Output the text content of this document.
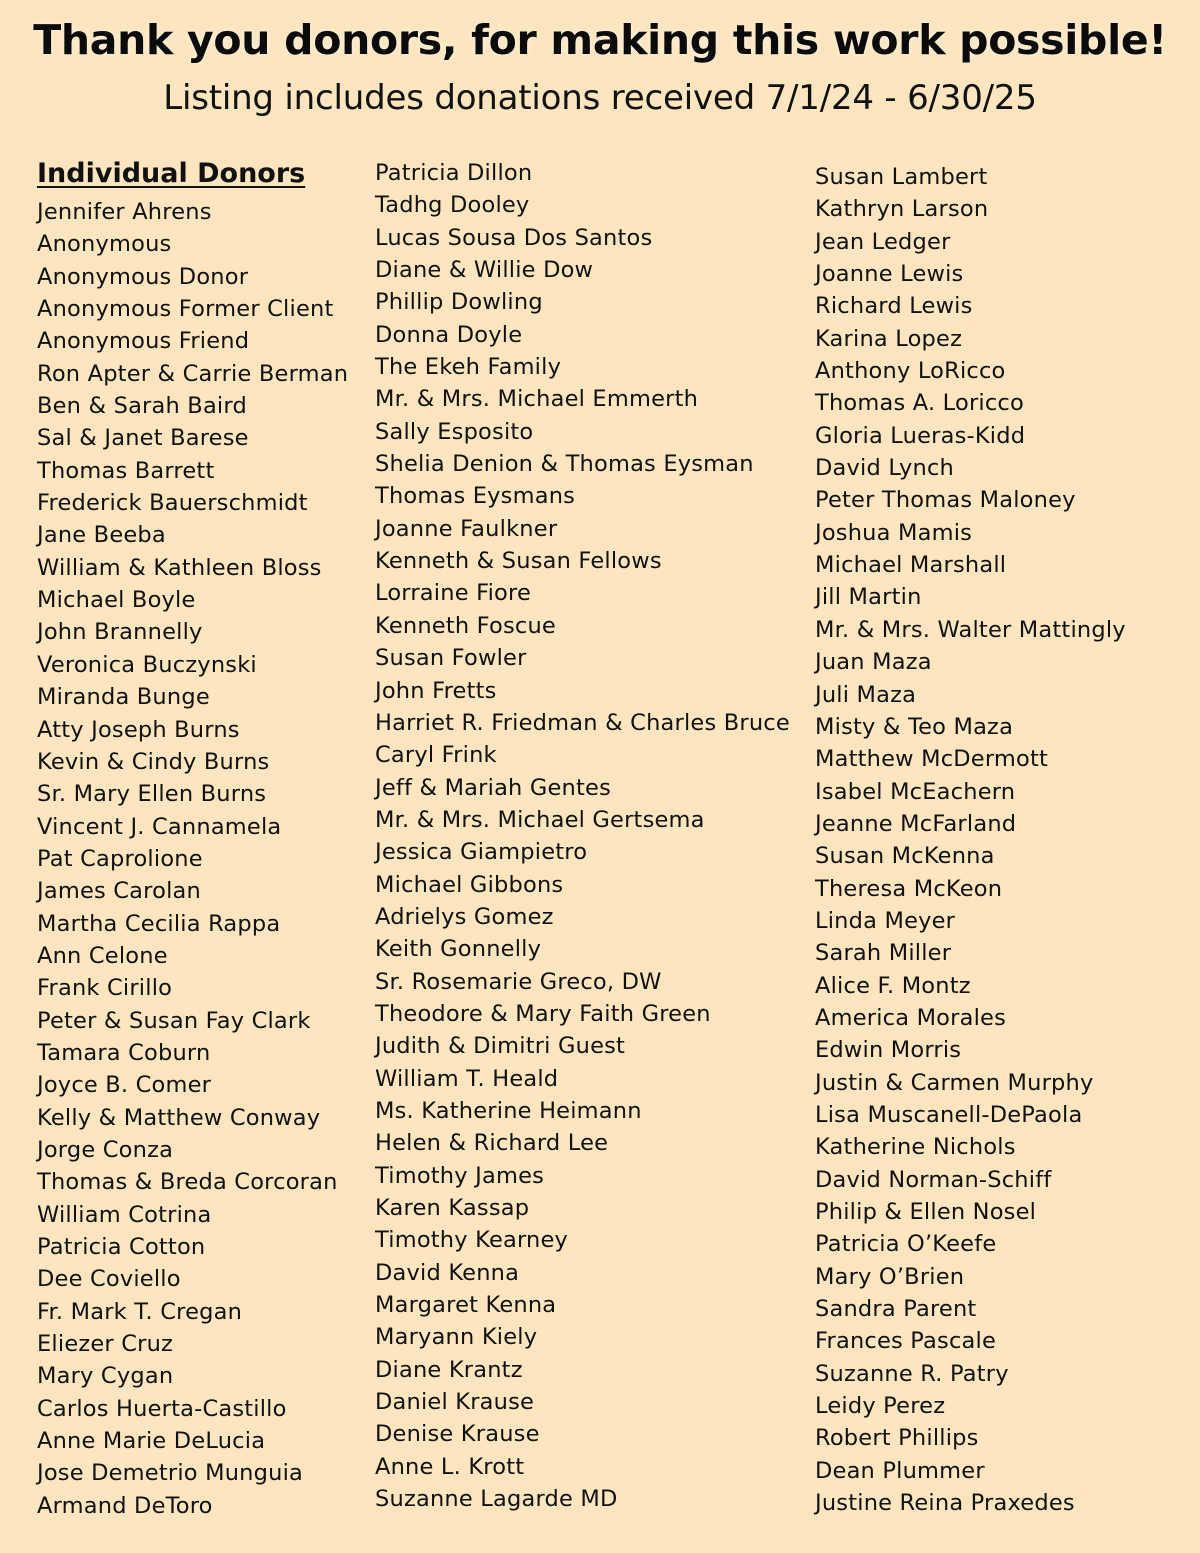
Thank you donors, for making this work possible!
Listing includes donations received 7/1/24 - 6/30/25
Individual Donors
Jennifer Ahrens
Anonymous
Anonymous Donor
Anonymous Former Client
Anonymous Friend
Ron Apter & Carrie Berman
Ben & Sarah Baird
Sal & Janet Barese
Thomas Barrett
Frederick Bauerschmidt
Jane Beeba
William & Kathleen Bloss
Michael Boyle
John Brannelly
Veronica Buczynski
Miranda Bunge
Atty Joseph Burns
Kevin & Cindy Burns
Sr. Mary Ellen Burns
Vincent J. Cannamela
Pat Caprolione
James Carolan
Martha Cecilia Rappa
Ann Celone
Frank Cirillo
Peter & Susan Fay Clark
Tamara Coburn
Joyce B. Comer
Kelly & Matthew Conway
Jorge Conza
Thomas & Breda Corcoran
William Cotrina
Patricia Cotton
Dee Coviello
Fr. Mark T. Cregan
Eliezer Cruz
Mary Cygan
Carlos Huerta-Castillo
Anne Marie DeLucia
Jose Demetrio Munguia
Armand DeToro
Patricia Dillon
Tadhg Dooley
Lucas Sousa Dos Santos
Diane & Willie Dow
Phillip Dowling
Donna Doyle
The Ekeh Family
Mr. & Mrs. Michael Emmerth
Sally Esposito
Shelia Denion & Thomas Eysman
Thomas Eysmans
Joanne Faulkner
Kenneth & Susan Fellows
Lorraine Fiore
Kenneth Foscue
Susan Fowler
John Fretts
Harriet R. Friedman & Charles Bruce
Caryl Frink
Jeff & Mariah Gentes
Mr. & Mrs. Michael Gertsema
Jessica Giampietro
Michael Gibbons
Adrielys Gomez
Keith Gonnelly
Sr. Rosemarie Greco, DW
Theodore & Mary Faith Green
Judith & Dimitri Guest
William T. Heald
Ms. Katherine Heimann
Helen & Richard Lee
Timothy James
Karen Kassap
Timothy Kearney
David Kenna
Margaret Kenna
Maryann Kiely
Diane Krantz
Daniel Krause
Denise Krause
Anne L. Krott
Suzanne Lagarde MD
Susan Lambert
Kathryn Larson
Jean Ledger
Joanne Lewis
Richard Lewis
Karina Lopez
Anthony LoRicco
Thomas A. Loricco
Gloria Lueras-Kidd
David Lynch
Peter Thomas Maloney
Joshua Mamis
Michael Marshall
Jill Martin
Mr. & Mrs. Walter Mattingly
Juan Maza
Juli Maza
Misty & Teo Maza
Matthew McDermott
Isabel McEachern
Jeanne McFarland
Susan McKenna
Theresa McKeon
Linda Meyer
Sarah Miller
Alice F. Montz
America Morales
Edwin Morris
Justin & Carmen Murphy
Lisa Muscanell-DePaola
Katherine Nichols
David Norman-Schiff
Philip & Ellen Nosel
Patricia O’Keefe
Mary O’Brien
Sandra Parent
Frances Pascale
Suzanne R. Patry
Leidy Perez
Robert Phillips
Dean Plummer
Justine Reina Praxedes
